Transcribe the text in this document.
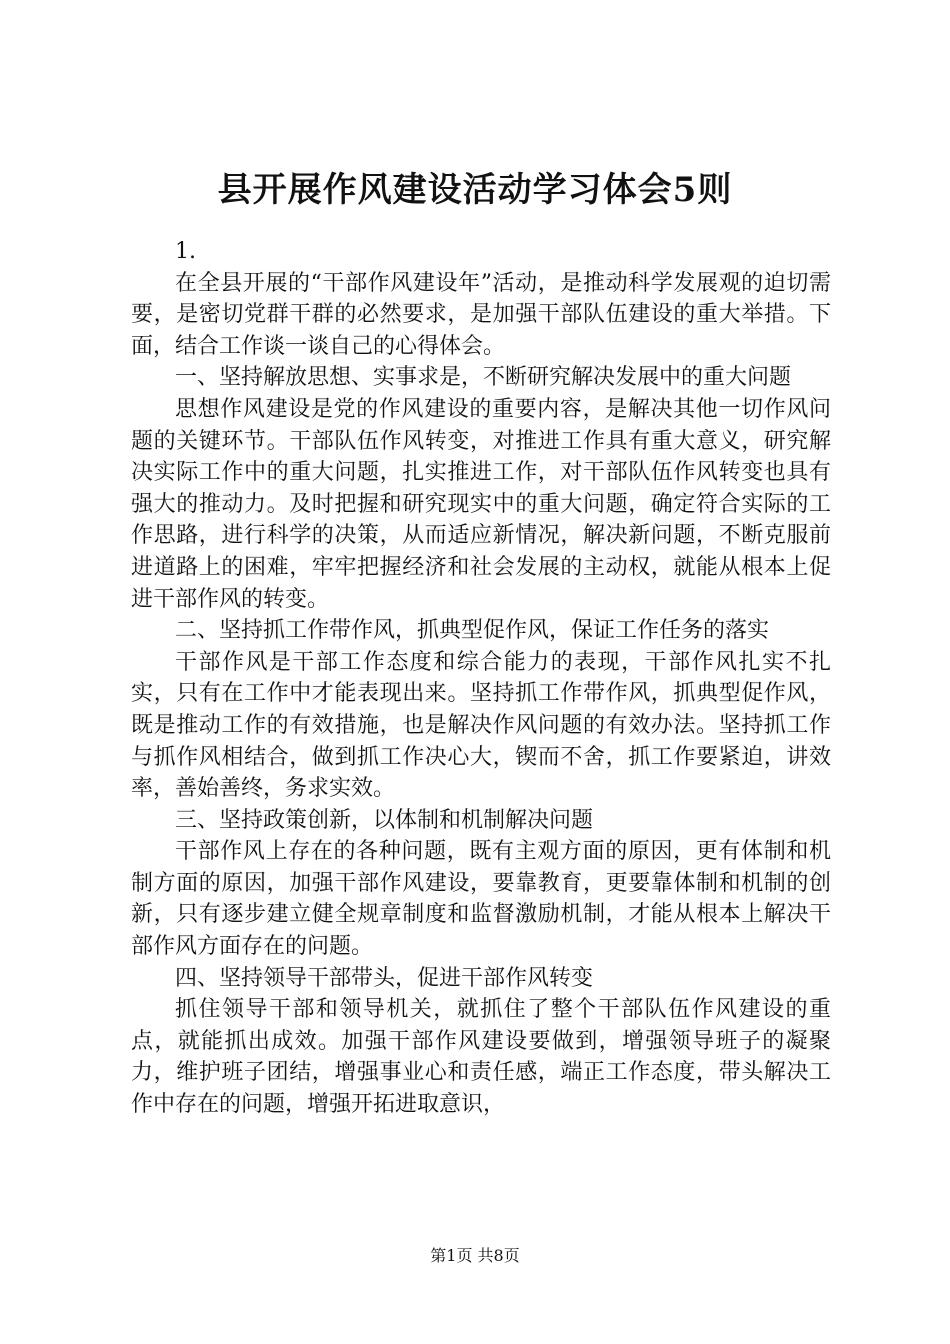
县开展作风建设活动学习体会5则

1.

在全县开展的“干部作风建设年”活动，是推动科学发展观的迫切需要，是密切党群干群的必然要求，是加强干部队伍建设的重大举措。下面，结合工作谈一谈自己的心得体会。

一、坚持解放思想、实事求是，不断研究解决发展中的重大问题

思想作风建设是党的作风建设的重要内容，是解决其他一切作风问题的关键环节。干部队伍作风转变，对推进工作具有重大意义，研究解决实际工作中的重大问题，扎实推进工作，对干部队伍作风转变也具有强大的推动力。及时把握和研究现实中的重大问题，确定符合实际的工作思路，进行科学的决策，从而适应新情况，解决新问题，不断克服前进道路上的困难，牢牢把握经济和社会发展的主动权，就能从根本上促进干部作风的转变。

二、坚持抓工作带作风，抓典型促作风，保证工作任务的落实

干部作风是干部工作态度和综合能力的表现，干部作风扎实不扎实，只有在工作中才能表现出来。坚持抓工作带作风，抓典型促作风，既是推动工作的有效措施，也是解决作风问题的有效办法。坚持抓工作与抓作风相结合，做到抓工作决心大，锲而不舍，抓工作要紧迫，讲效率，善始善终，务求实效。

三、坚持政策创新，以体制和机制解决问题

干部作风上存在的各种问题，既有主观方面的原因，更有体制和机制方面的原因，加强干部作风建设，要靠教育，更要靠体制和机制的创新，只有逐步建立健全规章制度和监督激励机制，才能从根本上解决干部作风方面存在的问题。

四、坚持领导干部带头，促进干部作风转变

抓住领导干部和领导机关，就抓住了整个干部队伍作风建设的重点，就能抓出成效。加强干部作风建设要做到，增强领导班子的凝聚力，维护班子团结，增强事业心和责任感，端正工作态度，带头解决工作中存在的问题，增强开拓进取意识，

第1页 共8页
